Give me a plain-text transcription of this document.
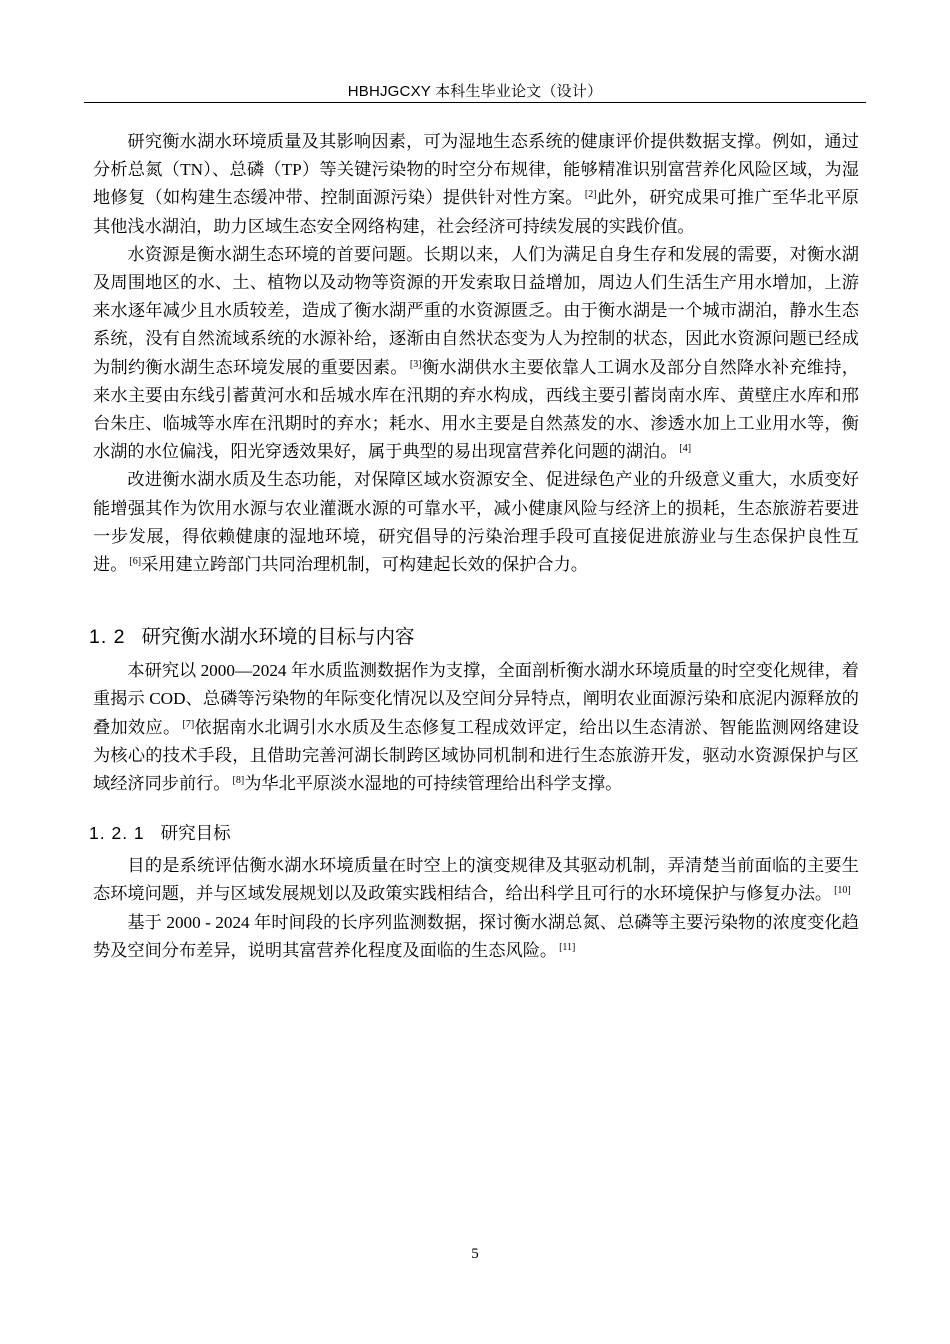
HBHJGCXY 本科生毕业论文（设计）

研究衡水湖水环境质量及其影响因素，可为湿地生态系统的健康评价提供数据支撑。例如，通过分析总氮（TN）、总磷（TP）等关键污染物的时空分布规律，能够精准识别富营养化风险区域，为湿地修复（如构建生态缓冲带、控制面源污染）提供针对性方案。 [2]此外，研究成果可推广至华北平原其他浅水湖泊，助力区域生态安全网络构建，社会经济可持续发展的实践价值。

水资源是衡水湖生态环境的首要问题。长期以来，人们为满足自身生存和发展的需要，对衡水湖及周围地区的水、土、植物以及动物等资源的开发索取日益增加，周边人们生活生产用水增加，上游来水逐年减少且水质较差，造成了衡水湖严重的水资源匮乏。由于衡水湖是一个城市湖泊，静水生态系统，没有自然流域系统的水源补给，逐渐由自然状态变为人为控制的状态，因此水资源问题已经成为制约衡水湖生态环境发展的重要因素。 [3]衡水湖供水主要依靠人工调水及部分自然降水补充维持，来水主要由东线引蓄黄河水和岳城水库在汛期的弃水构成，西线主要引蓄岗南水库、黄壁庄水库和邢台朱庄、临城等水库在汛期时的弃水；耗水、用水主要是自然蒸发的水、渗透水加上工业用水等，衡水湖的水位偏浅，阳光穿透效果好，属于典型的易出现富营养化问题的湖泊。 [4]

改进衡水湖水质及生态功能，对保障区域水资源安全、促进绿色产业的升级意义重大，水质变好能增强其作为饮用水源与农业灌溉水源的可靠水平，减小健康风险与经济上的损耗，生态旅游若要进一步发展，得依赖健康的湿地环境，研究倡导的污染治理手段可直接促进旅游业与生态保护良性互进。 [6]采用建立跨部门共同治理机制，可构建起长效的保护合力。

1. 2 研究衡水湖水环境的目标与内容

本研究以 2000—2024 年水质监测数据作为支撑，全面剖析衡水湖水环境质量的时空变化规律，着重揭示 COD、总磷等污染物的年际变化情况以及空间分异特点，阐明农业面源污染和底泥内源释放的叠加效应。 [7]依据南水北调引水水质及生态修复工程成效评定，给出以生态清淤、智能监测网络建设为核心的技术手段，且借助完善河湖长制跨区域协同机制和进行生态旅游开发，驱动水资源保护与区域经济同步前行。 [8]为华北平原淡水湿地的可持续管理给出科学支撑。

1. 2. 1 研究目标

目的是系统评估衡水湖水环境质量在时空上的演变规律及其驱动机制，弄清楚当前面临的主要生态环境问题，并与区域发展规划以及政策实践相结合，给出科学且可行的水环境保护与修复办法。 [10]

基于 2000 - 2024 年时间段的长序列监测数据，探讨衡水湖总氮、总磷等主要污染物的浓度变化趋势及空间分布差异，说明其富营养化程度及面临的生态风险。 [11]

5
